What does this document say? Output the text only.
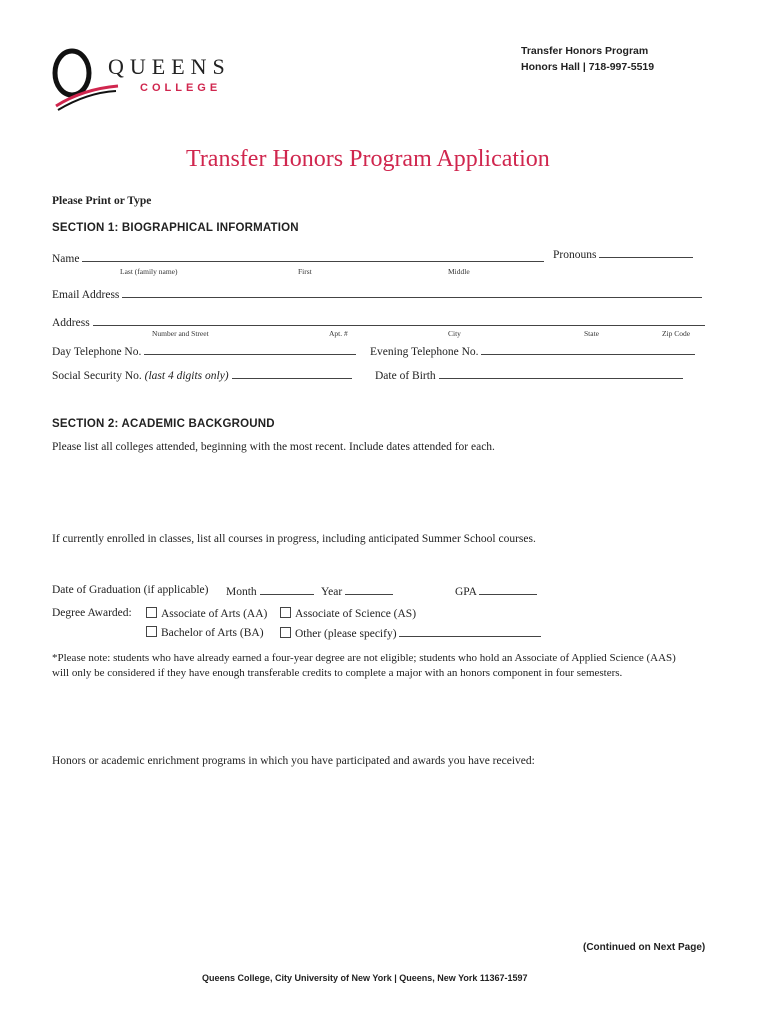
QUEENS
COLLEGE
Transfer Honors Program
Honors Hall | 718-997-5519
Transfer Honors Program Application
Please Print or Type
SECTION 1: BIOGRAPHICAL INFORMATION
Name
Last (family name)	First	Middle
Pronouns
Email Address
Address
Number and Street	Apt. #	City	State	Zip Code
Day Telephone No.	Evening Telephone No.
Social Security No. (last 4 digits only)	Date of Birth
SECTION 2: ACADEMIC BACKGROUND
Please list all colleges attended, beginning with the most recent. Include dates attended for each.
If currently enrolled in classes, list all courses in progress, including anticipated Summer School courses.
Date of Graduation (if applicable) Month	Year	GPA
Degree Awarded:	Associate of Arts (AA)	Associate of Science (AS)
Bachelor of Arts (BA)	Other (please specify)
*Please note: students who have already earned a four-year degree are not eligible; students who hold an Associate of Applied Science (AAS)
will only be considered if they have enough transferable credits to complete a major with an honors component in four semesters.
Honors or academic enrichment programs in which you have participated and awards you have received:
(Continued on Next Page)
Queens College, City University of New York | Queens, New York 11367-1597
